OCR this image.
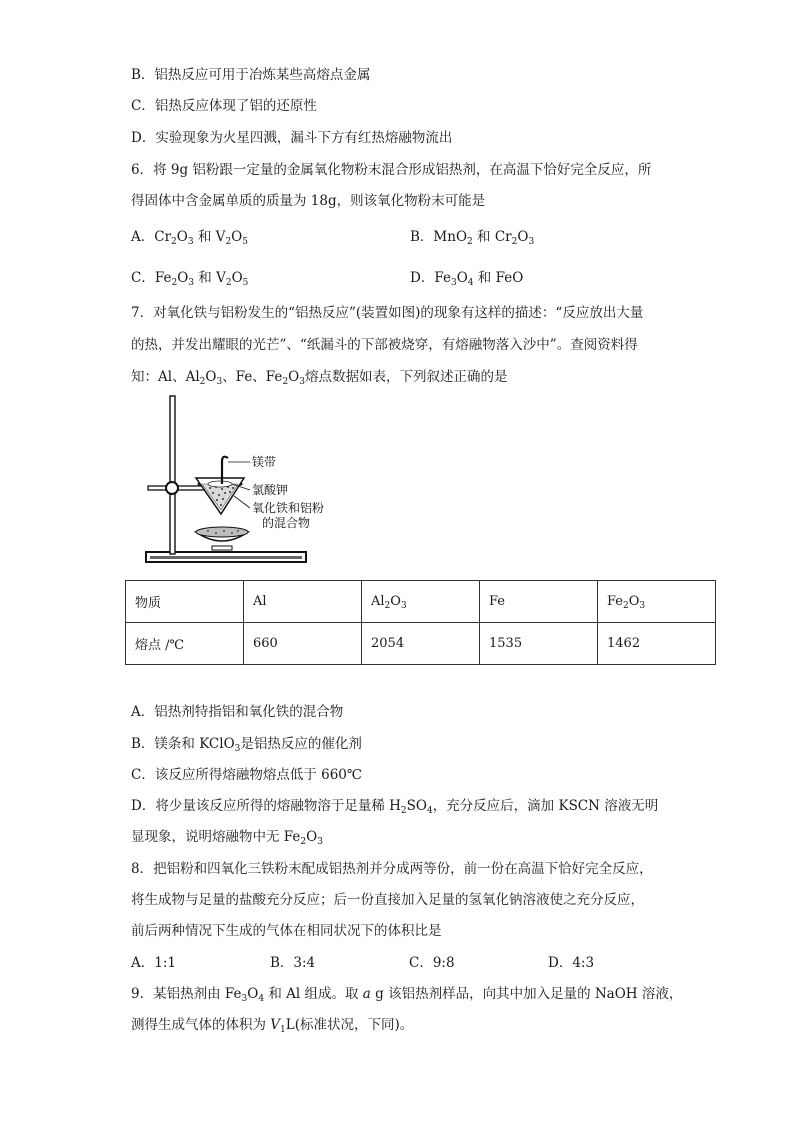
B．铝热反应可用于冶炼某些高熔点金属
C．铝热反应体现了铝的还原性
D．实验现象为火星四溅，漏斗下方有红热熔融物流出
6．将 9g 铝粉跟一定量的金属氧化物粉末混合形成铝热剂，在高温下恰好完全反应，所
得固体中含金属单质的质量为 18g，则该氧化物粉末可能是
A．$Cr_2O_3$ 和 $V_2O_5$	B．MnO$_2$ 和 $Cr_2O_3$
C．$Fe_2O_3$ 和 $V_2O_5$	D．$Fe_3O_4$ 和 FeO
7．对氧化铁与铝粉发生的“铝热反应”(装置如图)的现象有这样的描述：“反应放出大量
的热，并发出耀眼的光芒”、“纸漏斗的下部被烧穿，有熔融物落入沙中”。查阅资料得
知：Al、$Al_2O_3$、Fe、$Fe_2O_3$熔点数据如表，下列叙述正确的是
镁带
氯酸钾
氧化铁和铝粉
的混合物
物质	Al	$Al_2O_3$	Fe	$Fe_2O_3$
熔点 /℃	660	2054	1535	1462
A．铝热剂特指铝和氧化铁的混合物
B．镁条和 KClO$_3$是铝热反应的催化剂
C．该反应所得熔融物熔点低于 660℃
D．将少量该反应所得的熔融物溶于足量稀 $H_2SO_4$，充分反应后，滴加 KSCN 溶液无明
显现象，说明熔融物中无 $Fe_2O_3$
8．把铝粉和四氧化三铁粉末配成铝热剂并分成两等份，前一份在高温下恰好完全反应，
将生成物与足量的盐酸充分反应；后一份直接加入足量的氢氧化钠溶液使之充分反应，
前后两种情况下生成的气体在相同状况下的体积比是
A．1:1	B．3:4	C．9:8	D．4:3
9．某铝热剂由 $Fe_3O_4$ 和 Al 组成。取 a g 该铝热剂样品，向其中加入足量的 NaOH 溶液，
测得生成气体的体积为 $V_1L$(标准状况，下同)。
